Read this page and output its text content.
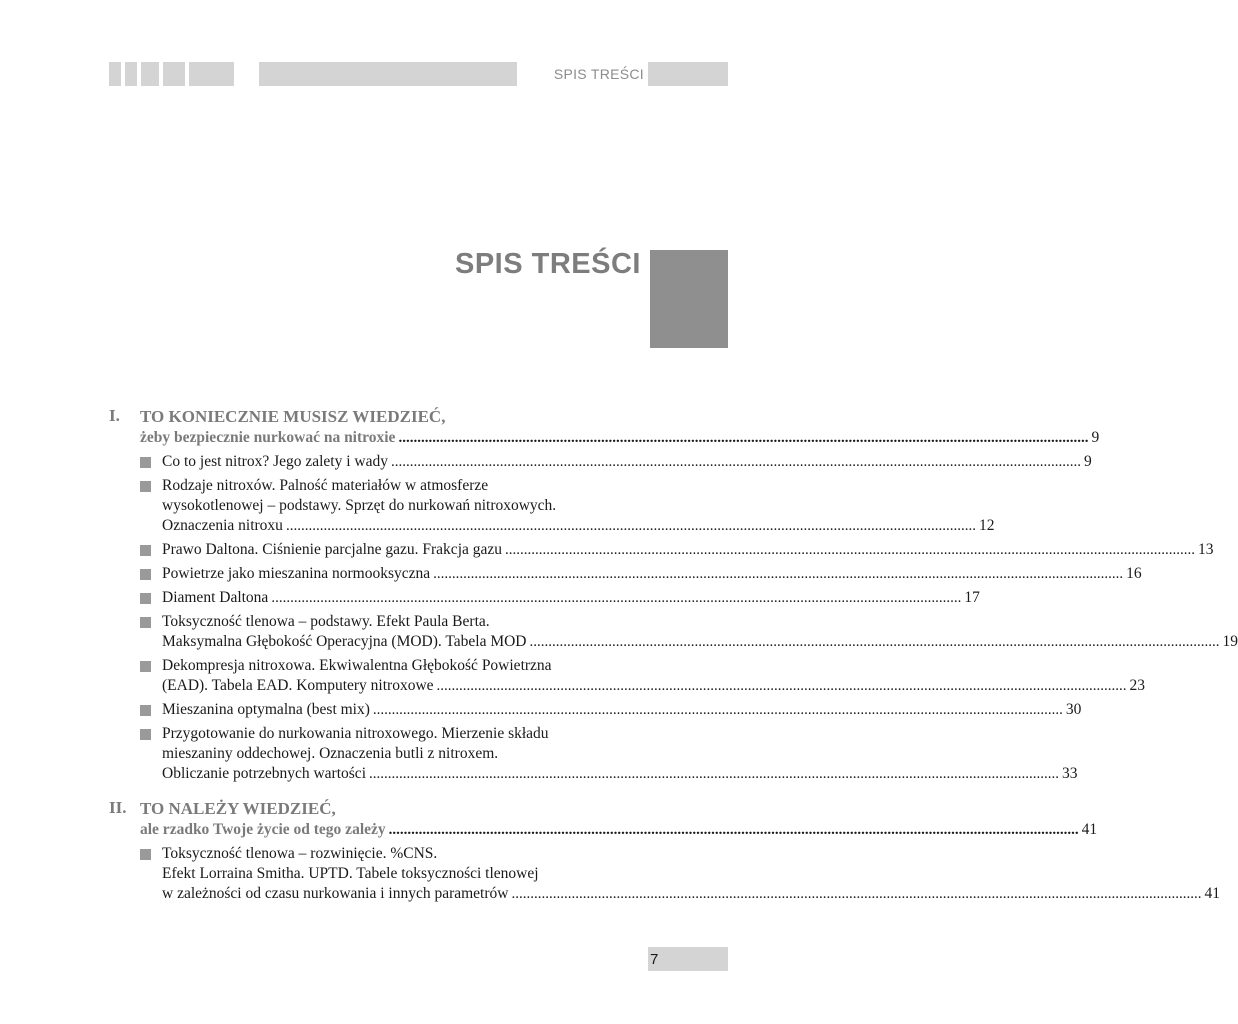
SPIS TREŚCI
SPIS TREŚCI
I. TO KONIECZNIE MUSISZ WIEDZIEĆ,
żeby bezpiecznie nurkować na nitroxie .....	9
Co to jest nitrox? Jego zalety i wady .....	9
Rodzaje nitroxów. Palność materiałów w atmosferze
wysokotlenowej – podstawy. Sprzęt do nurkowań nitroxowych.
Oznaczenia nitroxu .....	12
Prawo Daltona. Ciśnienie parcjalne gazu. Frakcja gazu .....	13
Powietrze jako mieszanina normooksyczna .....	16
Diament Daltona .....	17
Toksyczność tlenowa – podstawy. Efekt Paula Berta.
Maksymalna Głębokość Operacyjna (MOD). Tabela MOD .....	19
Dekompresja nitroxowa. Ekwiwalentna Głębokość Powietrzna
(EAD). Tabela EAD. Komputery nitroxowe .....	23
Mieszanina optymalna (best mix) .....	30
Przygotowanie do nurkowania nitroxowego. Mierzenie składu
mieszaniny oddechowej. Oznaczenia butli z nitroxem.
Obliczanie potrzebnych wartości .....	33
II. TO NALEŻY WIEDZIEĆ,
ale rzadko Twoje życie od tego zależy .....	41
Toksyczność tlenowa – rozwinięcie. %CNS.
Efekt Lorraina Smitha. UPTD. Tabele toksyczności tlenowej
w zależności od czasu nurkowania i innych parametrów .....	41
7
